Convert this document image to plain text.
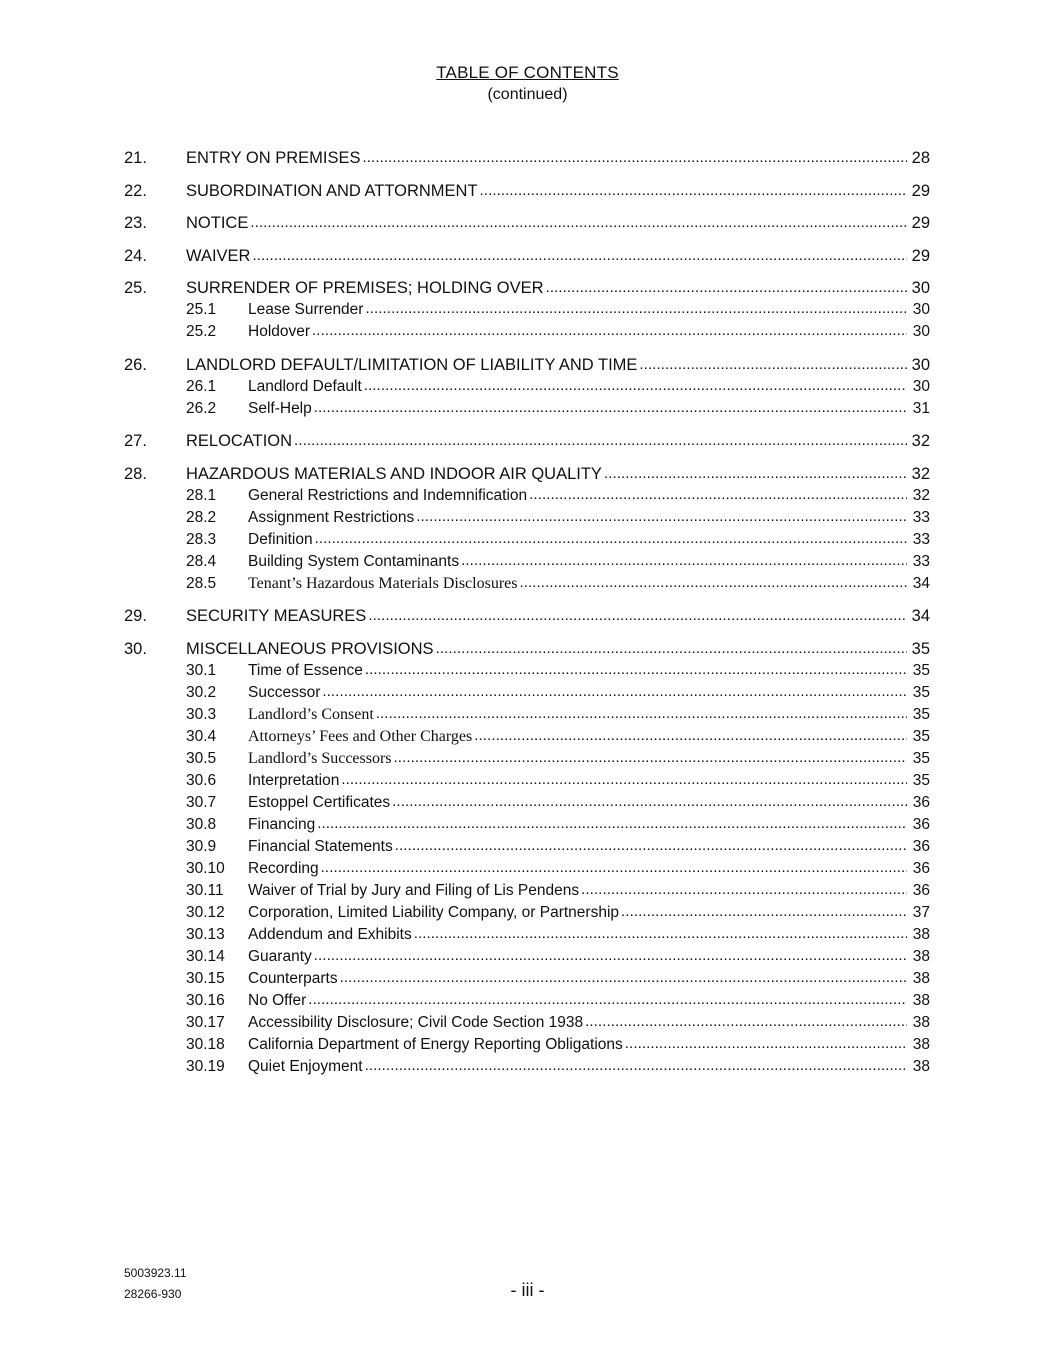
TABLE OF CONTENTS
(continued)
21.	ENTRY ON PREMISES .....	28
22.	SUBORDINATION AND ATTORNMENT .....	29
23.	NOTICE .....	29
24.	WAIVER .....	29
25.	SURRENDER OF PREMISES; HOLDING OVER .....	30
25.1	Lease Surrender .....	30
25.2	Holdover .....	30
26.	LANDLORD DEFAULT/LIMITATION OF LIABILITY AND TIME .....	30
26.1	Landlord Default .....	30
26.2	Self-Help .....	31
27.	RELOCATION .....	32
28.	HAZARDOUS MATERIALS AND INDOOR AIR QUALITY .....	32
28.1	General Restrictions and Indemnification .....	32
28.2	Assignment Restrictions .....	33
28.3	Definition .....	33
28.4	Building System Contaminants .....	33
28.5	Tenant’s Hazardous Materials Disclosures .....	34
29.	SECURITY MEASURES .....	34
30.	MISCELLANEOUS PROVISIONS .....	35
30.1	Time of Essence .....	35
30.2	Successor .....	35
30.3	Landlord’s Consent .....	35
30.4	Attorneys’ Fees and Other Charges .....	35
30.5	Landlord’s Successors .....	35
30.6	Interpretation .....	35
30.7	Estoppel Certificates .....	36
30.8	Financing .....	36
30.9	Financial Statements .....	36
30.10	Recording .....	36
30.11	Waiver of Trial by Jury and Filing of Lis Pendens .....	36
30.12	Corporation, Limited Liability Company, or Partnership .....	37
30.13	Addendum and Exhibits .....	38
30.14	Guaranty .....	38
30.15	Counterparts .....	38
30.16	No Offer .....	38
30.17	Accessibility Disclosure; Civil Code Section 1938 .....	38
30.18	California Department of Energy Reporting Obligations .....	38
30.19	Quiet Enjoyment .....	38
5003923.11
28266-930	- iii -
